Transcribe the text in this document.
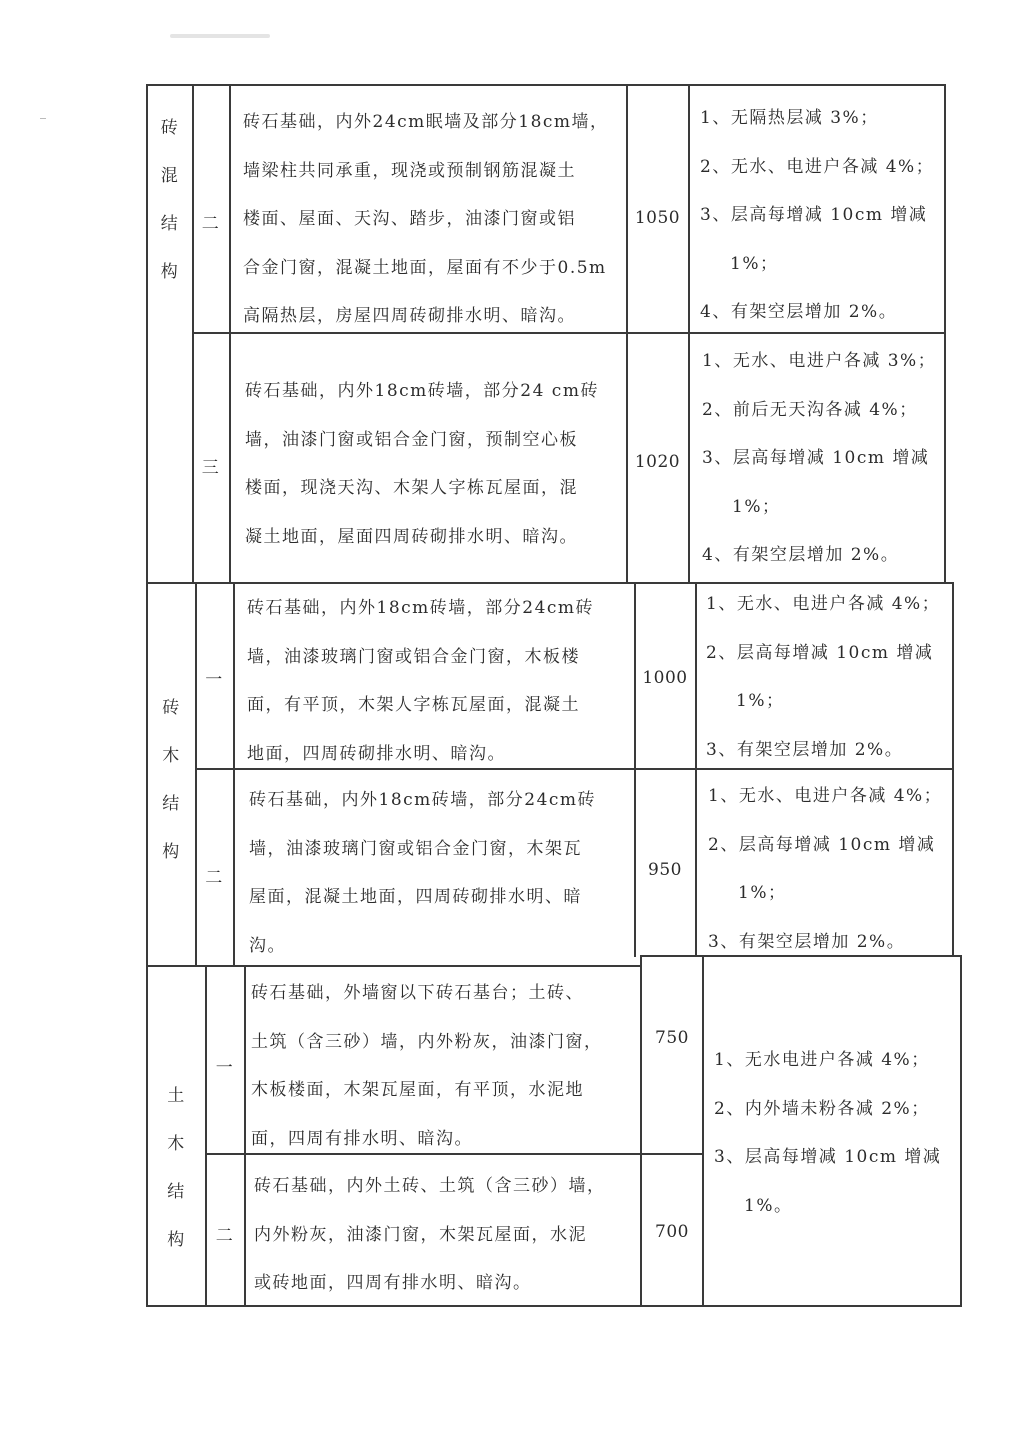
砖
混
结
构
二

砖石基础，内外24cm眠墙及部分18cm墙，

墙梁柱共同承重，现浇或预制钢筋混凝土

楼面、屋面、天沟、踏步，油漆门窗或铝

合金门窗，混凝土地面，屋面有不少于0.5m

高隔热层，房屋四周砖砌排水明、暗沟。

1050

1、无隔热层减 3%；

2、无水、电进户各减 4%；

3、层高每增减 10cm 增减

1%；

4、有架空层增加 2%。

三

砖石基础，内外18cm砖墙，部分24 cm砖

墙，油漆门窗或铝合金门窗，预制空心板

楼面，现浇天沟、木架人字栋瓦屋面，混

凝土地面，屋面四周砖砌排水明、暗沟。

1020

1、无水、电进户各减 3%；

2、前后无天沟各减 4%；

3、层高每增减 10cm 增减

1%；

4、有架空层增加 2%。

砖
木
结
构
一

砖石基础，内外18cm砖墙，部分24cm砖

墙，油漆玻璃门窗或铝合金门窗，木板楼

面，有平顶，木架人字栋瓦屋面，混凝土

地面，四周砖砌排水明、暗沟。

1000

1、无水、电进户各减 4%；

2、层高每增减 10cm 增减

1%；

3、有架空层增加 2%。

二

砖石基础，内外18cm砖墙，部分24cm砖

墙，油漆玻璃门窗或铝合金门窗，木架瓦

屋面，混凝土地面，四周砖砌排水明、暗

沟。

950

1、无水、电进户各减 4%；

2、层高每增减 10cm 增减

1%；

3、有架空层增加 2%。

土
木
结
构
一

砖石基础，外墙窗以下砖石基台；土砖、

土筑（含三砂）墙，内外粉灰，油漆门窗，

木板楼面，木架瓦屋面，有平顶，水泥地

面，四周有排水明、暗沟。

750
二

砖石基础，内外土砖、土筑（含三砂）墙，

内外粉灰，油漆门窗，木架瓦屋面，水泥

或砖地面，四周有排水明、暗沟。

700

1、无水电进户各减 4%；

2、内外墙未粉各减 2%；

3、层高每增减 10cm 增减

1%。
